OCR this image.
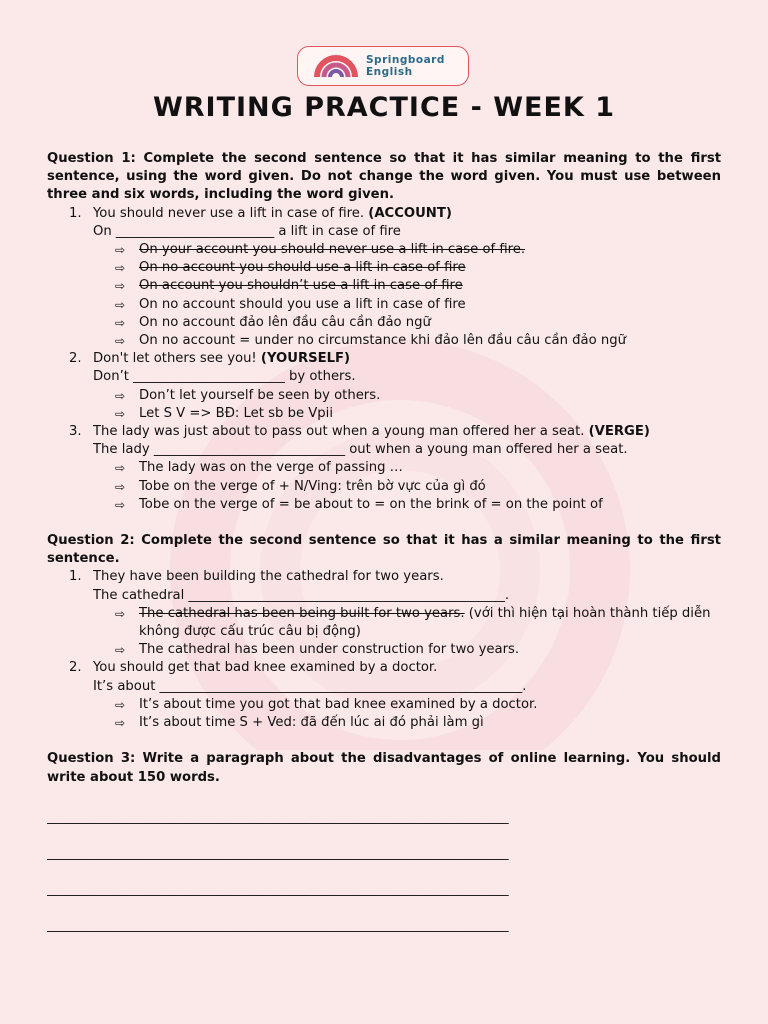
Springboard
English
WRITING PRACTICE - WEEK 1

Question 1: Complete the second sentence so that it has similar meaning to the first sentence, using the word given. Do not change the word given. You must use between three and six words, including the word given.

1. You should never use a lift in case of fire. (ACCOUNT)
On ________________________ a lift in case of fire
⇨ On your account you should never use a lift in case of fire.
⇨ On no account you should use a lift in case of fire
⇨ On account you shouldn’t use a lift in case of fire
⇨ On no account should you use a lift in case of fire
⇨ On no account đảo lên đầu câu cần đảo ngữ
⇨ On no account = under no circumstance khi đảo lên đầu câu cần đảo ngữ
2. Don't let others see you! (YOURSELF)
Don’t _______________________ by others.
⇨ Don’t let yourself be seen by others.
⇨ Let S V => BĐ: Let sb be Vpii
3. The lady was just about to pass out when a young man offered her a seat. (VERGE)
The lady _____________________________ out when a young man offered her a seat.
⇨ The lady was on the verge of passing …
⇨ Tobe on the verge of + N/Ving: trên bờ vực của gì đó
⇨ Tobe on the verge of = be about to = on the brink of = on the point of

Question 2: Complete the second sentence so that it has a similar meaning to the first sentence.

1. They have been building the cathedral for two years.
The cathedral ________________________________________________.
⇨ The cathedral has been being built for two years. (với thì hiện tại hoàn thành tiếp diễn không được cấu trúc câu bị động)
⇨ The cathedral has been under construction for two years.
2. You should get that bad knee examined by a doctor.
It’s about _______________________________________________________.
⇨ It’s about time you got that bad knee examined by a doctor.
⇨ It’s about time S + Ved: đã đến lúc ai đó phải làm gì

Question 3: Write a paragraph about the disadvantages of online learning. You should write about 150 words.

______________________________________________________________________
______________________________________________________________________
______________________________________________________________________
______________________________________________________________________
